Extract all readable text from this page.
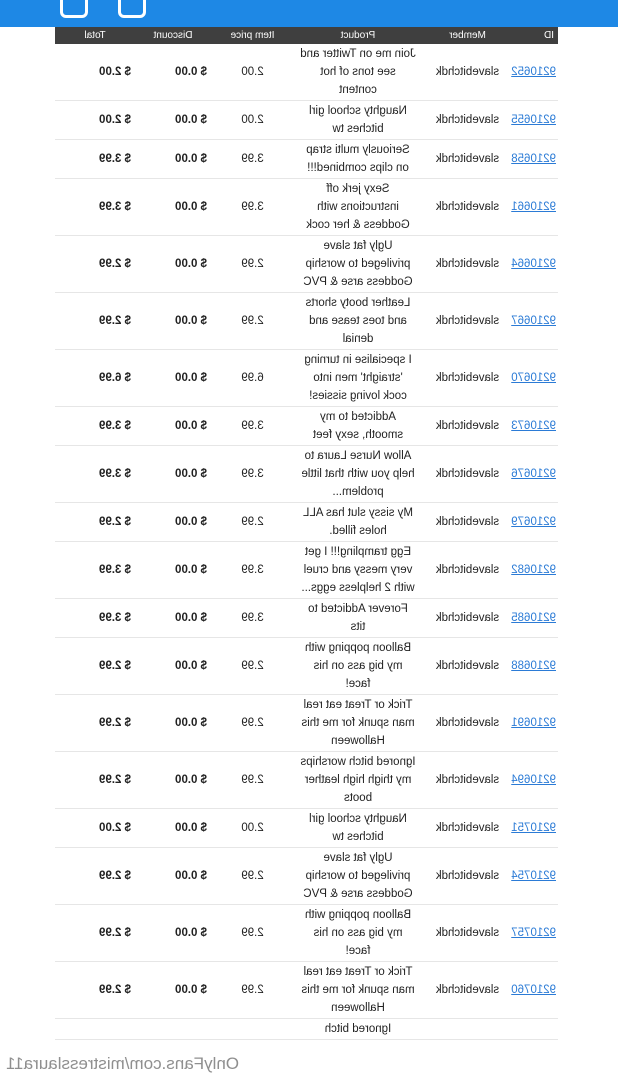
ID	Member	Product	Item price	Discount	Total
9210652	slavebitchdk	Join me on Twitter and see tons of hot content	2.00	$ 0.00	$ 2.00
9210655	slavebitchdk	Naughty school girl bitches tw	2.00	$ 0.00	$ 2.00
9210658	slavebitchdk	Seriously multi strap on clips combined!!!	3.99	$ 0.00	$ 3.99
9210661	slavebitchdk	Sexy jerk off instructions with Goddess & her cock	3.99	$ 0.00	$ 3.99
9210664	slavebitchdk	Ugly fat slave privileged to worship Goddess arse & PVC	2.99	$ 0.00	$ 2.99
9210667	slavebitchdk	Leather booty shorts and toes tease and denial	2.99	$ 0.00	$ 2.99
9210670	slavebitchdk	I specialise in turning 'straight' men into cock loving sissies!	6.99	$ 0.00	$ 6.99
9210673	slavebitchdk	Addicted to my smooth, sexy feet	3.99	$ 0.00	$ 3.99
9210676	slavebitchdk	Allow Nurse Laura to help you with that little problem...	3.99	$ 0.00	$ 3.99
9210679	slavebitchdk	My sissy slut has ALL holes filled.	2.99	$ 0.00	$ 2.99
9210682	slavebitchdk	Egg trampling!!! I get very messy and cruel with 2 helpless eggs...	3.99	$ 0.00	$ 3.99
9210685	slavebitchdk	Forever Addicted to tits	3.99	$ 0.00	$ 3.99
9210688	slavebitchdk	Balloon popping with my big ass on his face!	2.99	$ 0.00	$ 2.99
9210691	slavebitchdk	Trick or Treat eat real man spunk for me this Halloween	2.99	$ 0.00	$ 2.99
9210694	slavebitchdk	Ignored bitch worships my thigh high leather boots	2.99	$ 0.00	$ 2.99
9210751	slavebitchdk	Naughty school girl bitches tw	2.00	$ 0.00	$ 2.00
9210754	slavebitchdk	Ugly fat slave privileged to worship Goddess arse & PVC	2.99	$ 0.00	$ 2.99
9210757	slavebitchdk	Balloon popping with my big ass on his face!	2.99	$ 0.00	$ 2.99
9210760	slavebitchdk	Trick or Treat eat real man spunk for me this Halloween	2.99	$ 0.00	$ 2.99
		Ignored bitch			
OnlyFans.com/mistresslaura11
